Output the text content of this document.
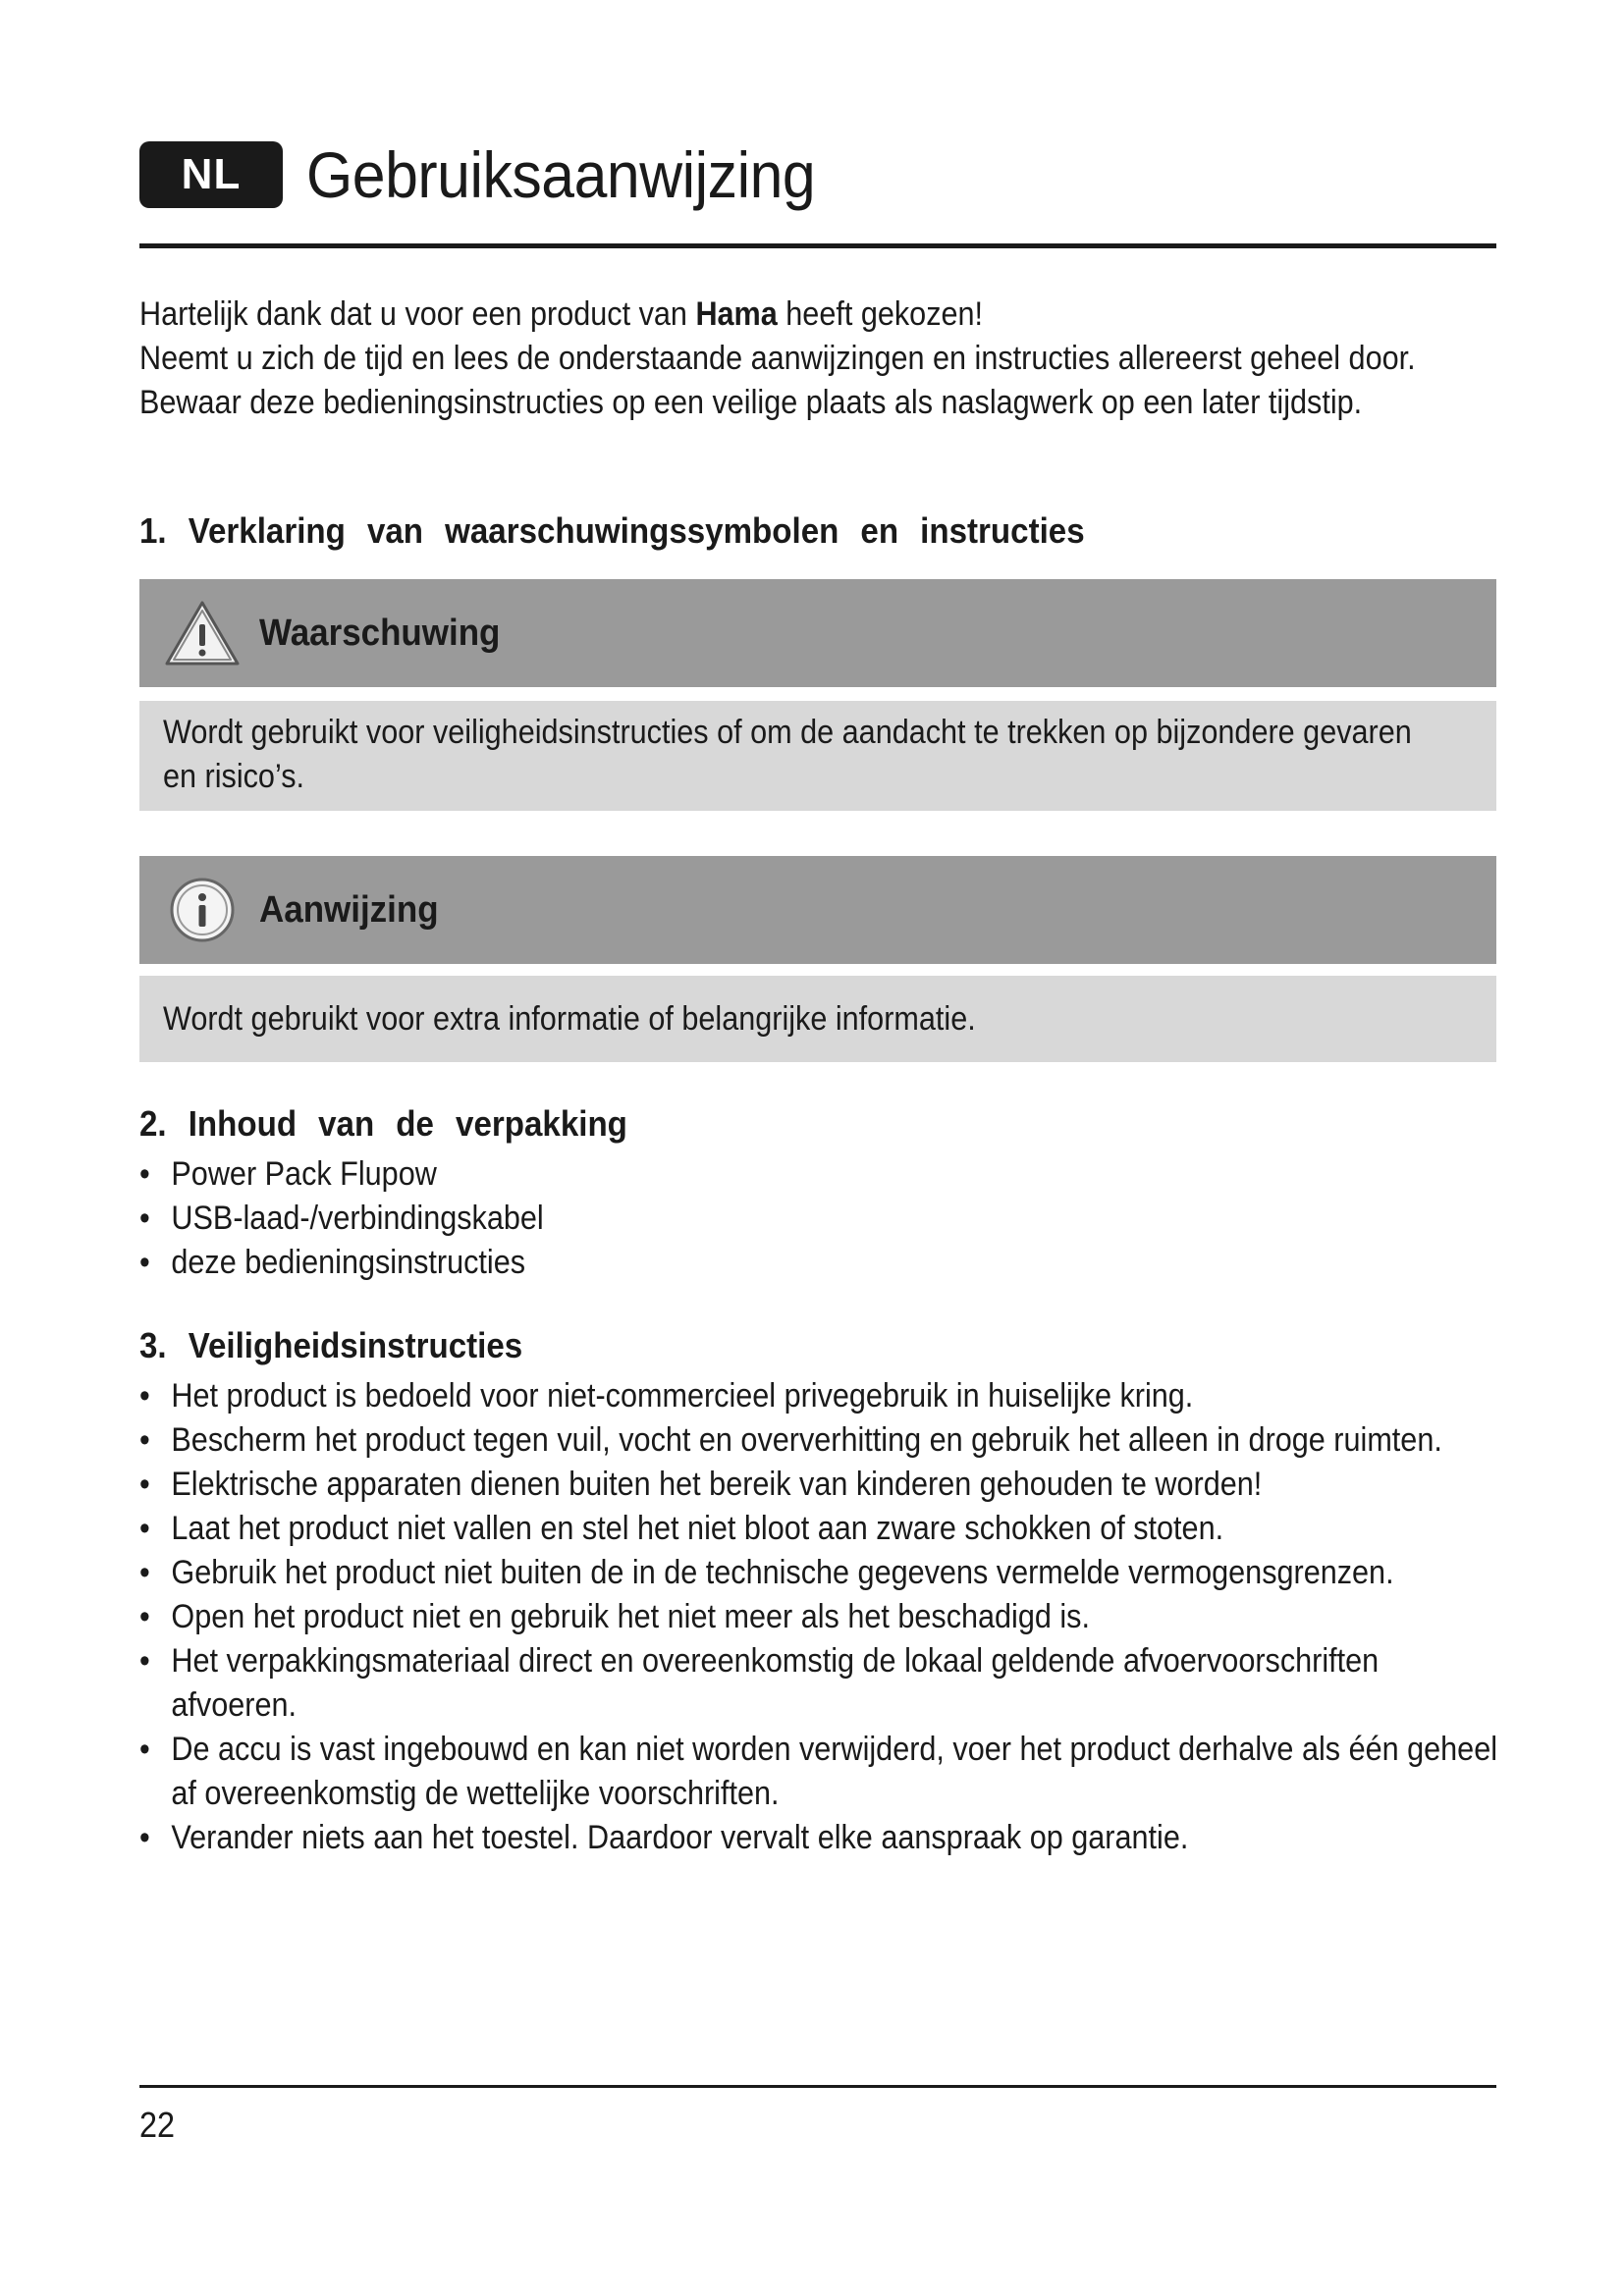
NL	Gebruiksaanwijzing

Hartelijk dank dat u voor een product van Hama heeft gekozen!

Neemt u zich de tijd en lees de onderstaande aanwijzingen en instructies allereerst geheel door. Bewaar deze bedieningsinstructies op een veilige plaats als naslagwerk op een later tijdstip.

1. Verklaring van waarschuwingssymbolen en instructies
Waarschuwing
Wordt gebruikt voor veiligheidsinstructies of om de aandacht te trekken op bijzondere gevaren en risico’s.
Aanwijzing
Wordt gebruikt voor extra informatie of belangrijke informatie.
2. Inhoud van de verpakking
• Power Pack Flupow
• USB-laad-/verbindingskabel
• deze bedieningsinstructies
3. Veiligheidsinstructies
• Het product is bedoeld voor niet-commercieel privegebruik in huiselijke kring.
• Bescherm het product tegen vuil, vocht en oververhitting en gebruik het alleen in droge ruimten.
• Elektrische apparaten dienen buiten het bereik van kinderen gehouden te worden!
• Laat het product niet vallen en stel het niet bloot aan zware schokken of stoten.
• Gebruik het product niet buiten de in de technische gegevens vermelde vermogensgrenzen.
• Open het product niet en gebruik het niet meer als het beschadigd is.
• Het verpakkingsmateriaal direct en overeenkomstig de lokaal geldende afvoervoorschriften afvoeren.
• De accu is vast ingebouwd en kan niet worden verwijderd, voer het product derhalve als één geheel af overeenkomstig de wettelijke voorschriften.
• Verander niets aan het toestel. Daardoor vervalt elke aanspraak op garantie.
22
